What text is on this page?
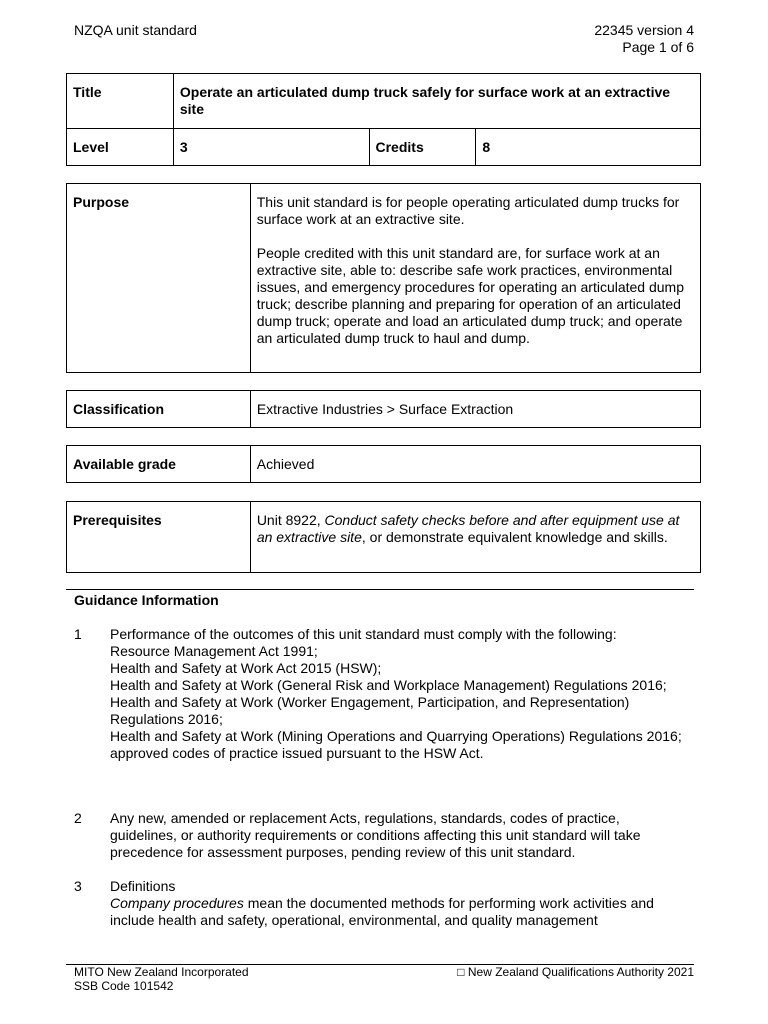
NZQA unit standard	22345 version 4
Page 1 of 6
Title	Operate an articulated dump truck safely for surface work at an extractive site		
Level	3	Credits	8
Purpose	This unit standard is for people operating articulated dump trucks for surface work at an extractive site.

People credited with this unit standard are, for surface work at an extractive site, able to: describe safe work practices, environmental issues, and emergency procedures for operating an articulated dump truck; describe planning and preparing for operation of an articulated dump truck; operate and load an articulated dump truck; and operate an articulated dump truck to haul and dump.

Classification	Extractive Industries > Surface Extraction
Available grade	Achieved
Prerequisites	Unit 8922, Conduct safety checks before and after equipment use at an extractive site, or demonstrate equivalent knowledge and skills.
Guidance Information
1	Performance of the outcomes of this unit standard must comply with the following:
Resource Management Act 1991;
Health and Safety at Work Act 2015 (HSW);
Health and Safety at Work (General Risk and Workplace Management) Regulations 2016;
Health and Safety at Work (Worker Engagement, Participation, and Representation) Regulations 2016;
Health and Safety at Work (Mining Operations and Quarrying Operations) Regulations 2016;
approved codes of practice issued pursuant to the HSW Act.
2	Any new, amended or replacement Acts, regulations, standards, codes of practice, guidelines, or authority requirements or conditions affecting this unit standard will take precedence for assessment purposes, pending review of this unit standard.
3	Definitions
Company procedures mean the documented methods for performing work activities and include health and safety, operational, environmental, and quality management
MITO New Zealand Incorporated
SSB Code 101542
□ New Zealand Qualifications Authority 2021
